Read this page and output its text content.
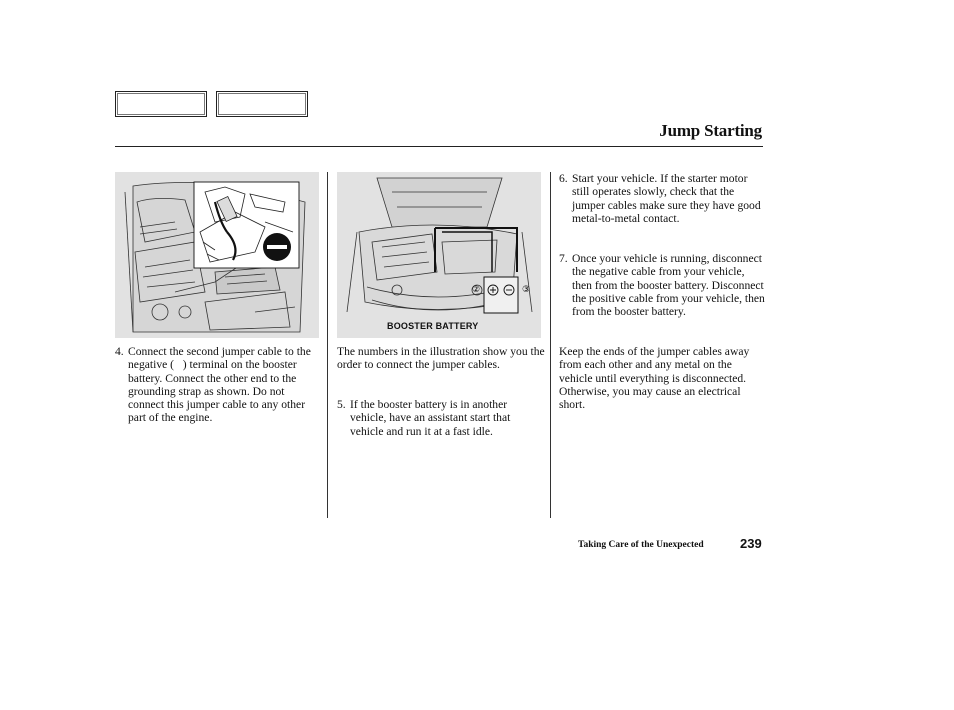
Jump Starting
②	③
BOOSTER BATTERY
4. Connect the second jumper cable to the negative (   ) terminal on the booster battery. Connect the other end to the grounding strap as shown. Do not connect this jumper cable to any other part of the engine.
The numbers in the illustration show you the order to connect the jumper cables.
5. If the booster battery is in another vehicle, have an assistant start that vehicle and run it at a fast idle.
6. Start your vehicle. If the starter motor still operates slowly, check that the jumper cables make sure they have good metal-to-metal contact.
7. Once your vehicle is running, disconnect the negative cable from your vehicle, then from the booster battery. Disconnect the positive cable from your vehicle, then from the booster battery.
Keep the ends of the jumper cables away from each other and any metal on the vehicle until everything is disconnected. Otherwise, you may cause an electrical short.
Taking Care of the Unexpected	239
